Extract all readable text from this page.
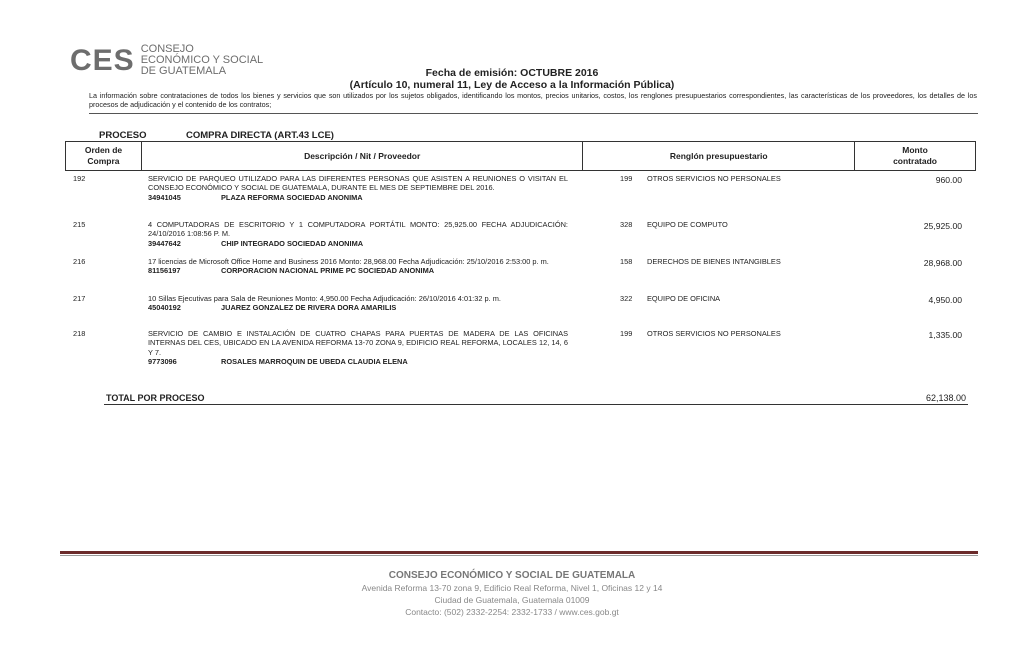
CES CONSEJO
ECONÓMICO Y SOCIAL
DE GUATEMALA	Fecha de emisión: OCTUBRE 2016
(Artículo 10, numeral 11, Ley de Acceso a la Información Pública)
La información sobre contrataciones de todos los bienes y servicios que son utilizados por los sujetos obligados, identificando los montos, precios unitarios, costos, los renglones presupuestarios correspondientes, las características de los proveedores, los detalles de los procesos de adjudicación y el contenido de los contratos;
PROCESO	COMPRA DIRECTA (ART.43 LCE)
Orden de Compra
	Descripción / Nit / Proveedor	Renglón presupuestario	
Monto contratado
192	SERVICIO DE PARQUEO UTILIZADO PARA LAS DIFERENTES PERSONAS QUE ASISTEN A REUNIONES O VISITAN EL CONSEJO ECONÓMICO Y SOCIAL DE GUATEMALA, DURANTE EL MES DE SEPTIEMBRE DEL 2016.
34941045	PLAZA REFORMA SOCIEDAD ANONIMA
199 OTROS SERVICIOS NO PERSONALES	960.00
215	4 COMPUTADORAS DE ESCRITORIO Y 1 COMPUTADORA PORTÁTIL MONTO: 25,925.00 FECHA ADJUDICACIÓN: 24/10/2016 1:08:56 P. M.
39447642	CHIP INTEGRADO SOCIEDAD ANONIMA
328 EQUIPO DE COMPUTO	25,925.00
216	17 licencias de Microsoft Office Home and Business 2016 Monto: 28,968.00 Fecha Adjudicación: 25/10/2016 2:53:00 p. m.
81156197	CORPORACION NACIONAL PRIME PC SOCIEDAD ANONIMA
158 DERECHOS DE BIENES INTANGIBLES	28,968.00
217	10 Sillas Ejecutivas para Sala de Reuniones Monto: 4,950.00 Fecha Adjudicación: 26/10/2016 4:01:32 p. m.
45040192	JUAREZ GONZALEZ DE RIVERA DORA AMARILIS
322 EQUIPO DE OFICINA	4,950.00
218	SERVICIO DE CAMBIO E INSTALACIÓN DE CUATRO CHAPAS PARA PUERTAS DE MADERA DE LAS OFICINAS INTERNAS DEL CES, UBICADO EN LA AVENIDA REFORMA 13-70 ZONA 9, EDIFICIO REAL REFORMA, LOCALES 12, 14, 6 Y 7.
9773096	ROSALES MARROQUIN DE UBEDA CLAUDIA ELENA
199 OTROS SERVICIOS NO PERSONALES	1,335.00
TOTAL POR PROCESO	62,138.00
CONSEJO ECONÓMICO Y SOCIAL DE GUATEMALA
Avenida Reforma 13-70 zona 9, Edificio Real Reforma, Nivel 1, Oficinas 12 y 14
Ciudad de Guatemala, Guatemala 01009
Contacto: (502) 2332-2254: 2332-1733 / www.ces.gob.gt
